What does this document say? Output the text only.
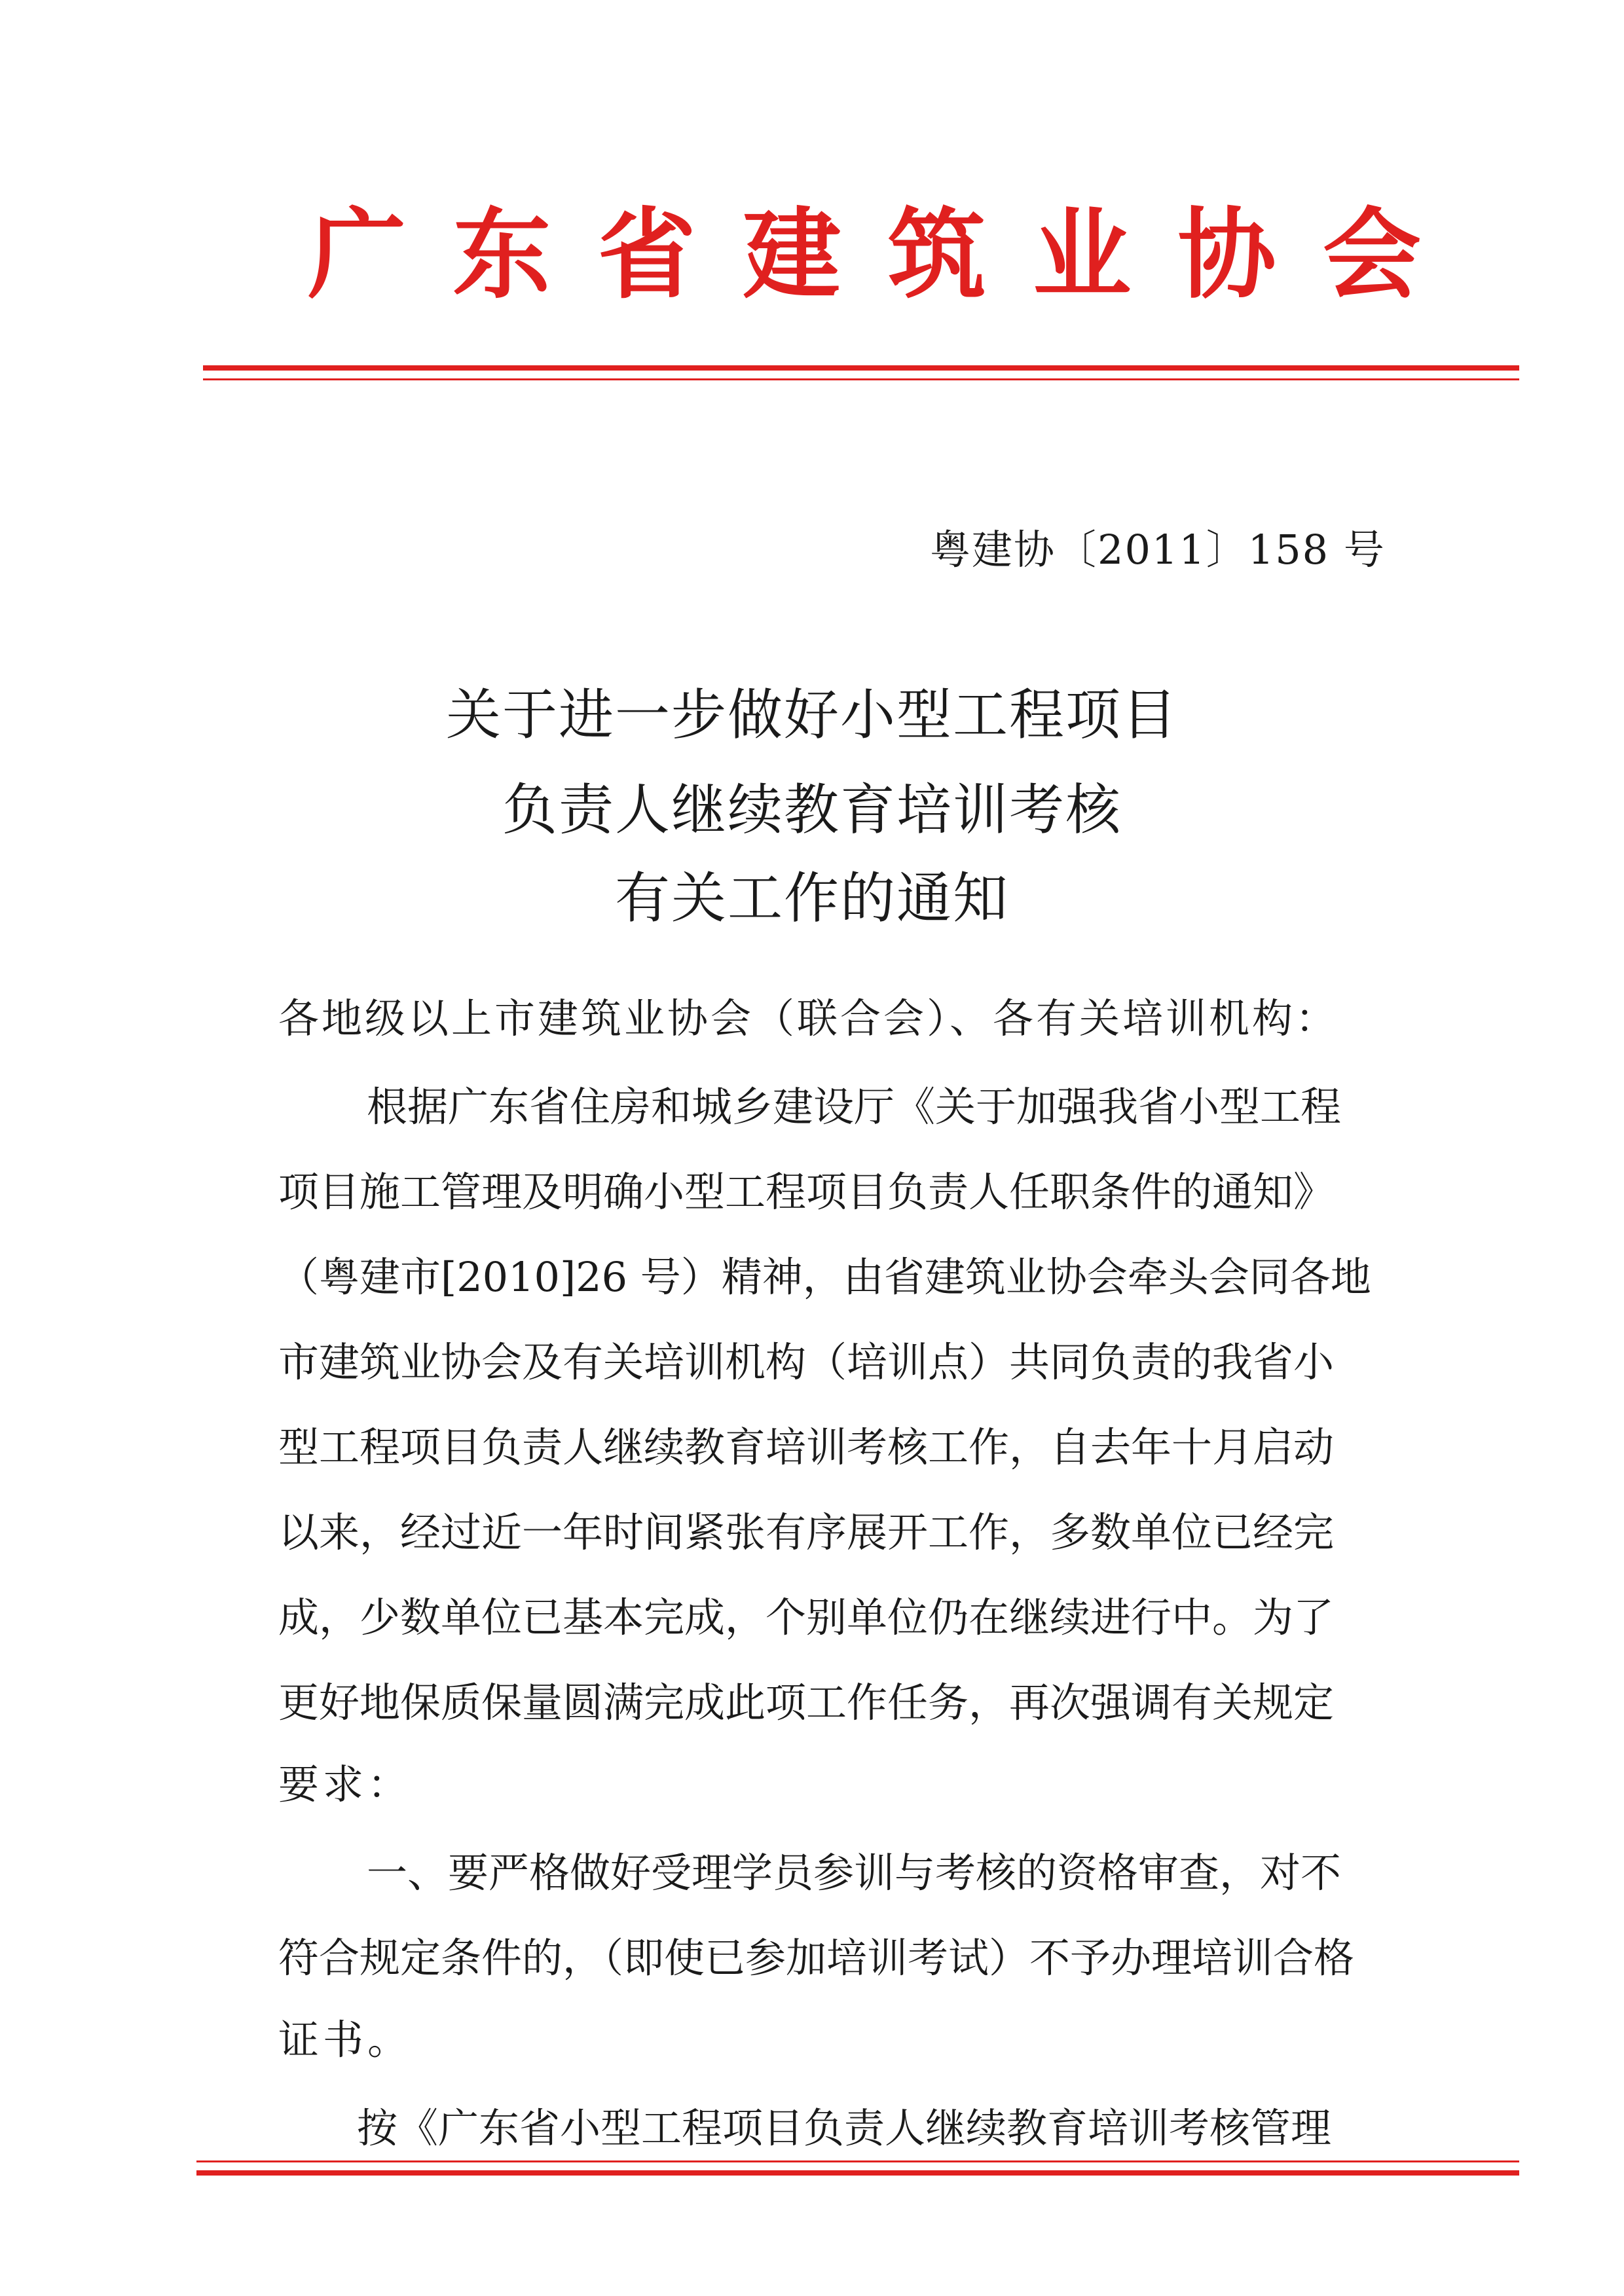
广 东 省 建 筑 业 协 会
粤建协〔2011〕158 号
关于进一步做好小型工程项目
负责人继续教育培训考核
有关工作的通知
各地级以上市建筑业协会（联合会）、各有关培训机构：
根据广东省住房和城乡建设厅《关于加强我省小型工程
项目施工管理及明确小型工程项目负责人任职条件的通知》
（粤建市[2010]26 号）精神，由省建筑业协会牵头会同各地
市建筑业协会及有关培训机构（培训点）共同负责的我省小
型工程项目负责人继续教育培训考核工作，自去年十月启动
以来，经过近一年时间紧张有序展开工作，多数单位已经完
成，少数单位已基本完成，个别单位仍在继续进行中。为了
更好地保质保量圆满完成此项工作任务，再次强调有关规定
要求：
一、要严格做好受理学员参训与考核的资格审查，对不
符合规定条件的，（即使已参加培训考试）不予办理培训合格
证书。
按《广东省小型工程项目负责人继续教育培训考核管理
